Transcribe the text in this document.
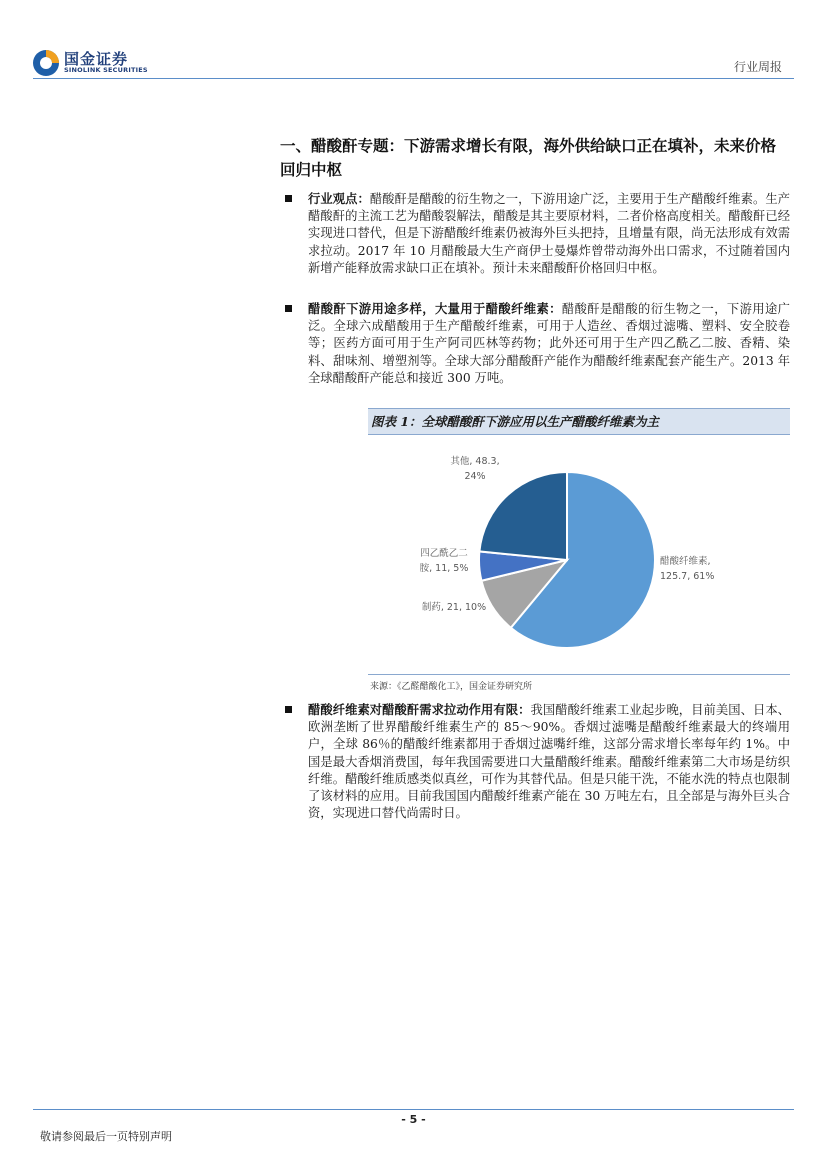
国金证券
SINOLINK SECURITIES	行业周报
一、醋酸酐专题：下游需求增长有限，海外供给缺口正在填补，未来价格回归中枢
行业观点：醋酸酐是醋酸的衍生物之一，下游用途广泛，主要用于生产醋酸纤维素。生产醋酸酐的主流工艺为醋酸裂解法，醋酸是其主要原材料，二者价格高度相关。醋酸酐已经实现进口替代，但是下游醋酸纤维素仍被海外巨头把持，且增量有限，尚无法形成有效需求拉动。2017 年 10 月醋酸最大生产商伊士曼爆炸曾带动海外出口需求，不过随着国内新增产能释放需求缺口正在填补。预计未来醋酸酐价格回归中枢。
醋酸酐下游用途多样，大量用于醋酸纤维素：醋酸酐是醋酸的衍生物之一，下游用途广泛。全球六成醋酸用于生产醋酸纤维素，可用于人造丝、香烟过滤嘴、塑料、安全胶卷等；医药方面可用于生产阿司匹林等药物；此外还可用于生产四乙酰乙二胺、香精、染料、甜味剂、增塑剂等。全球大部分醋酸酐产能作为醋酸纤维素配套产能生产。2013 年全球醋酸酐产能总和接近 300 万吨。
图表 1：全球醋酸酐下游应用以生产醋酸纤维素为主
醋酸纤维素, 125.7, 61%
制药, 21, 10%
四乙酰乙二胺, 11, 5%
其他, 48.3, 24%
来源：《乙醛醋酸化工》，国金证券研究所
醋酸纤维素对醋酸酐需求拉动作用有限：我国醋酸纤维素工业起步晚，目前美国、日本、欧洲垄断了世界醋酸纤维素生产的 85～90%。香烟过滤嘴是醋酸纤维素最大的终端用户，全球 86％的醋酸纤维素都用于香烟过滤嘴纤维，这部分需求增长率每年约 1%。中国是最大香烟消费国，每年我国需要进口大量醋酸纤维素。醋酸纤维素第二大市场是纺织纤维。醋酸纤维质感类似真丝，可作为其替代品。但是只能干洗，不能水洗的特点也限制了该材料的应用。目前我国国内醋酸纤维素产能在 30 万吨左右，且全部是与海外巨头合资，实现进口替代尚需时日。
- 5 -
敬请参阅最后一页特别声明
